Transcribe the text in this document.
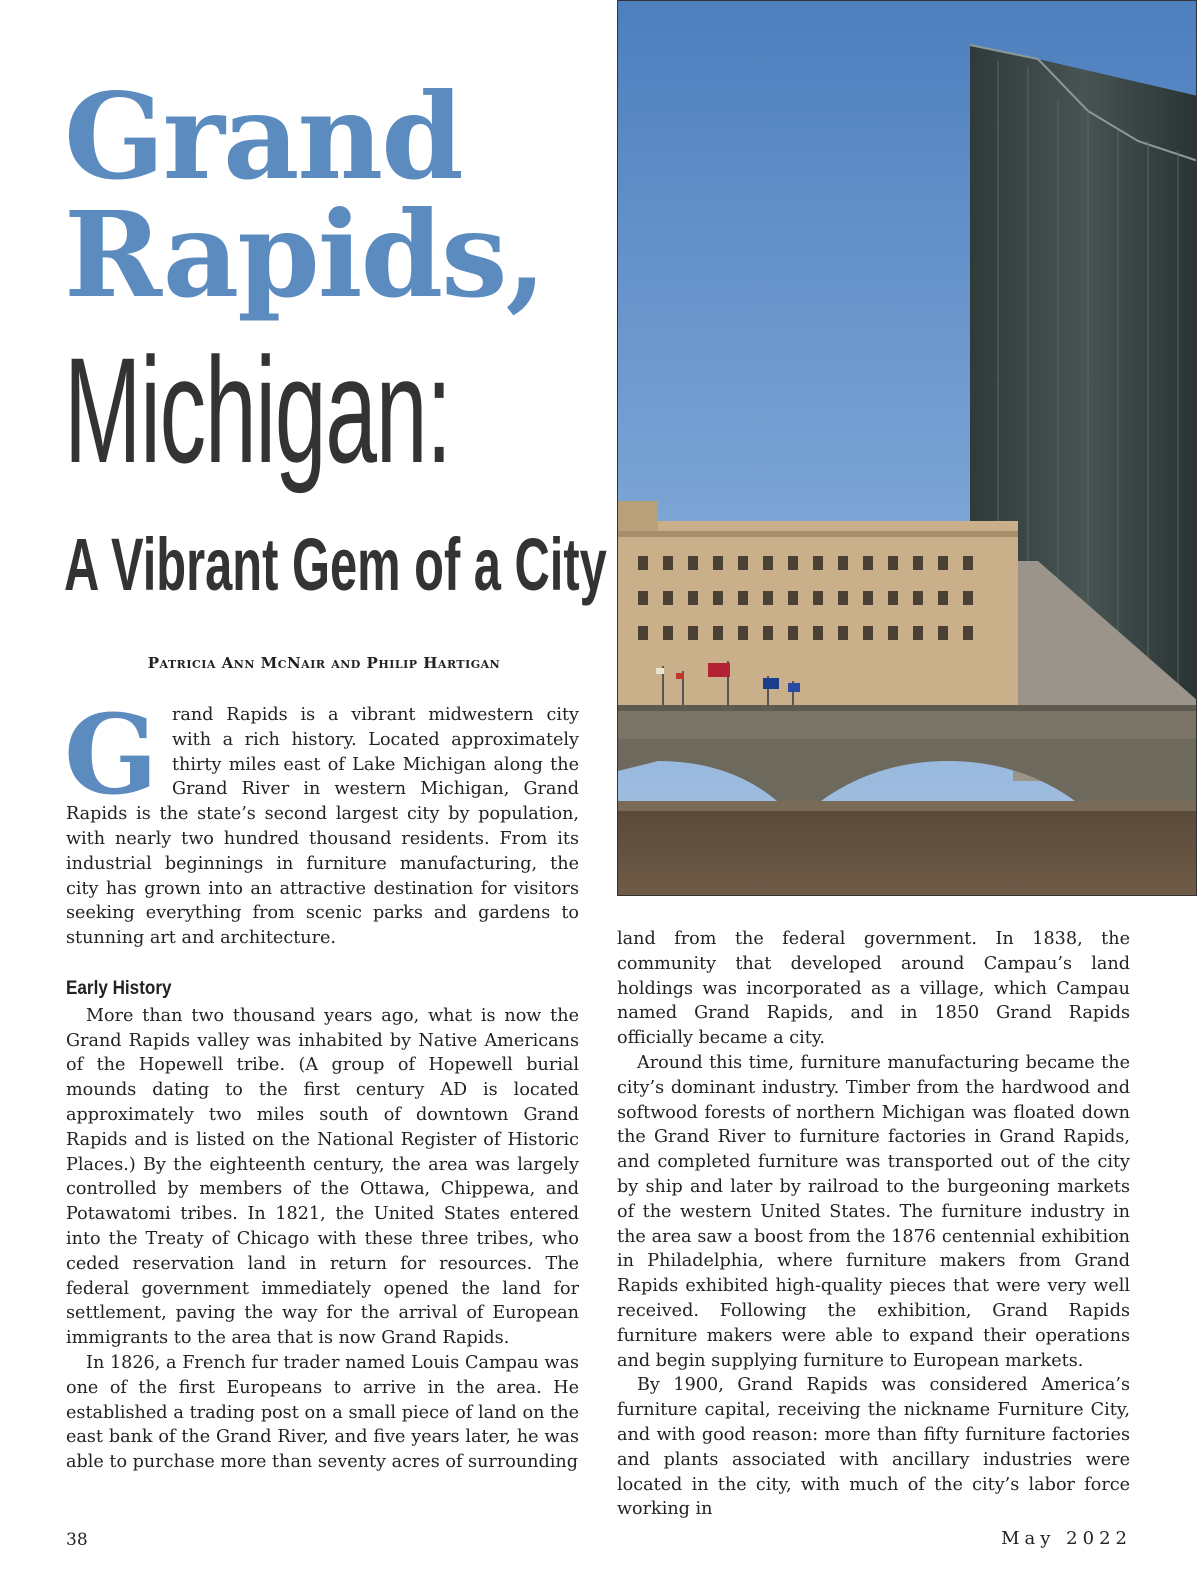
Grand
Rapids,
Michigan:
A Vibrant Gem of a City
Patricia Ann McNair and Philip Hartigan

Grand Rapids is a vibrant midwestern city with a rich history. Located approximately thirty miles east of Lake Michigan along the Grand River in western Michigan, Grand Rapids is the state’s second largest city by population, with nearly two hundred thousand residents. From its industrial beginnings in furniture manufacturing, the city has grown into an attractive destination for visitors seeking everything from scenic parks and gardens to stunning art and architecture.

Early History

More than two thousand years ago, what is now the Grand Rapids valley was inhabited by Native Americans of the Hopewell tribe. (A group of Hopewell burial mounds dating to the first century AD is located approximately two miles south of downtown Grand Rapids and is listed on the National Register of Historic Places.) By the eighteenth century, the area was largely controlled by members of the Ottawa, Chippewa, and Potawatomi tribes. In 1821, the United States entered into the Treaty of Chicago with these three tribes, who ceded reservation land in return for resources. The federal government immediately opened the land for settlement, paving the way for the arrival of European immigrants to the area that is now Grand Rapids.

In 1826, a French fur trader named Louis Campau was one of the first Europeans to arrive in the area. He established a trading post on a small piece of land on the east bank of the Grand River, and five years later, he was able to purchase more than seventy acres of surrounding

land from the federal government. In 1838, the community that developed around Campau’s land holdings was incorporated as a village, which Campau named Grand Rapids, and in 1850 Grand Rapids officially became a city.

Around this time, furniture manufacturing became the city’s dominant industry. Timber from the hardwood and softwood forests of northern Michigan was floated down the Grand River to furniture factories in Grand Rapids, and completed furniture was transported out of the city by ship and later by railroad to the burgeoning markets of the western United States. The furniture industry in the area saw a boost from the 1876 centennial exhibition in Philadelphia, where furniture makers from Grand Rapids exhibited high-quality pieces that were very well received. Following the exhibition, Grand Rapids furniture makers were able to expand their operations and begin supplying furniture to European markets.

By 1900, Grand Rapids was considered America’s furniture capital, receiving the nickname Furniture City, and with good reason: more than fifty furniture factories and plants associated with ancillary industries were located in the city, with much of the city’s labor force working in

38	May 2022
